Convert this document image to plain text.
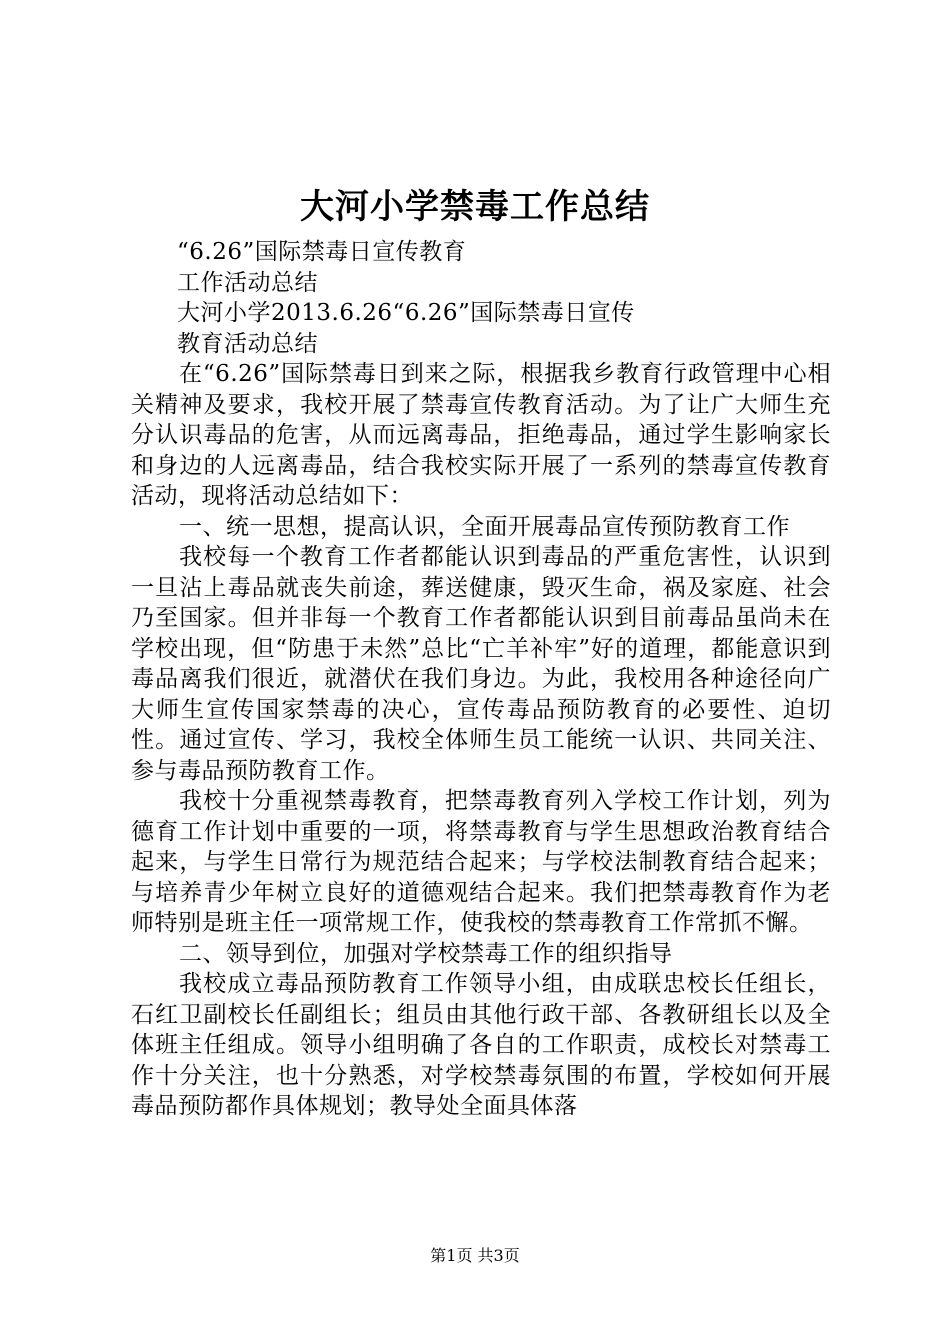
大河小学禁毒工作总结

“6.26”国际禁毒日宣传教育

工作活动总结

大河小学2013.6.26“6.26”国际禁毒日宣传

教育活动总结

在“6.26”国际禁毒日到来之际，根据我乡教育行政管理中心相关精神及要求，我校开展了禁毒宣传教育活动。为了让广大师生充分认识毒品的危害，从而远离毒品，拒绝毒品，通过学生影响家长和身边的人远离毒品，结合我校实际开展了一系列的禁毒宣传教育活动，现将活动总结如下：

一、统一思想，提高认识，全面开展毒品宣传预防教育工作

我校每一个教育工作者都能认识到毒品的严重危害性，认识到一旦沾上毒品就丧失前途，葬送健康，毁灭生命，祸及家庭、社会乃至国家。但并非每一个教育工作者都能认识到目前毒品虽尚未在学校出现，但“防患于未然”总比“亡羊补牢”好的道理，都能意识到毒品离我们很近，就潜伏在我们身边。为此，我校用各种途径向广大师生宣传国家禁毒的决心，宣传毒品预防教育的必要性、迫切性。通过宣传、学习，我校全体师生员工能统一认识、共同关注、参与毒品预防教育工作。

我校十分重视禁毒教育，把禁毒教育列入学校工作计划，列为德育工作计划中重要的一项，将禁毒教育与学生思想政治教育结合起来，与学生日常行为规范结合起来；与学校法制教育结合起来；与培养青少年树立良好的道德观结合起来。我们把禁毒教育作为老师特别是班主任一项常规工作，使我校的禁毒教育工作常抓不懈。

二、领导到位，加强对学校禁毒工作的组织指导

我校成立毒品预防教育工作领导小组，由成联忠校长任组长，石红卫副校长任副组长；组员由其他行政干部、各教研组长以及全体班主任组成。领导小组明确了各自的工作职责，成校长对禁毒工作十分关注，也十分熟悉，对学校禁毒氛围的布置，学校如何开展毒品预防都作具体规划；教导处全面具体落

第1页 共3页
